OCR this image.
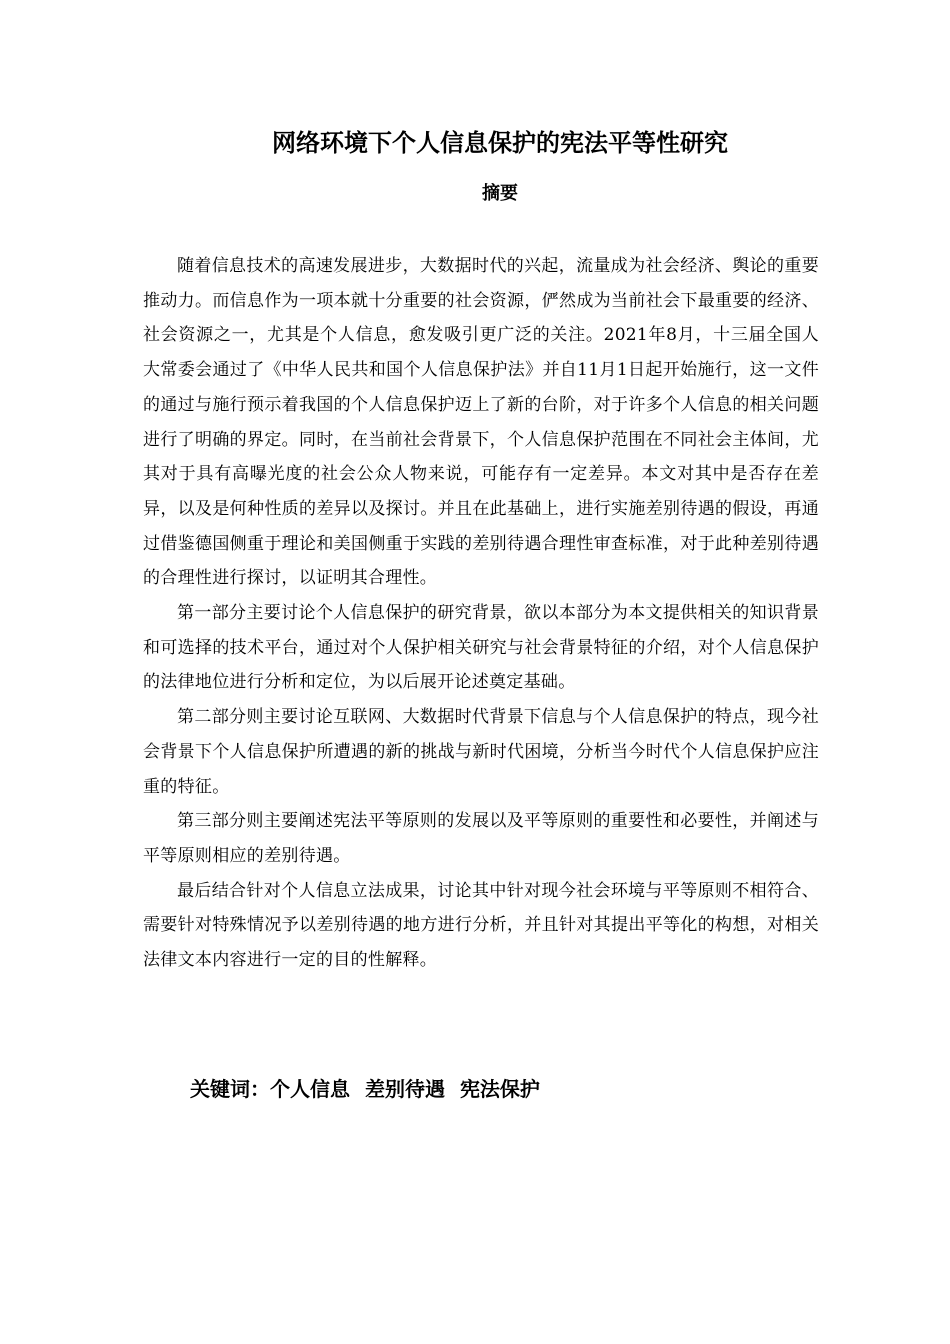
网络环境下个人信息保护的宪法平等性研究
摘要

随着信息技术的高速发展进步，大数据时代的兴起，流量成为社会经济、舆论的重要推动力。而信息作为一项本就十分重要的社会资源，俨然成为当前社会下最重要的经济、社会资源之一，尤其是个人信息，愈发吸引更广泛的关注。2021年8月，十三届全国人大常委会通过了《中华人民共和国个人信息保护法》并自11月1日起开始施行，这一文件的通过与施行预示着我国的个人信息保护迈上了新的台阶，对于许多个人信息的相关问题进行了明确的界定。同时，在当前社会背景下，个人信息保护范围在不同社会主体间，尤其对于具有高曝光度的社会公众人物来说，可能存有一定差异。本文对其中是否存在差异，以及是何种性质的差异以及探讨。并且在此基础上，进行实施差别待遇的假设，再通过借鉴德国侧重于理论和美国侧重于实践的差别待遇合理性审查标准，对于此种差别待遇的合理性进行探讨，以证明其合理性。

第一部分主要讨论个人信息保护的研究背景，欲以本部分为本文提供相关的知识背景和可选择的技术平台，通过对个人保护相关研究与社会背景特征的介绍，对个人信息保护的法律地位进行分析和定位，为以后展开论述奠定基础。

第二部分则主要讨论互联网、大数据时代背景下信息与个人信息保护的特点，现今社会背景下个人信息保护所遭遇的新的挑战与新时代困境，分析当今时代个人信息保护应注重的特征。

第三部分则主要阐述宪法平等原则的发展以及平等原则的重要性和必要性，并阐述与平等原则相应的差别待遇。

最后结合针对个人信息立法成果，讨论其中针对现今社会环境与平等原则不相符合、需要针对特殊情况予以差别待遇的地方进行分析，并且针对其提出平等化的构想，对相关法律文本内容进行一定的目的性解释。

关键词：个人信息 差别待遇 宪法保护
